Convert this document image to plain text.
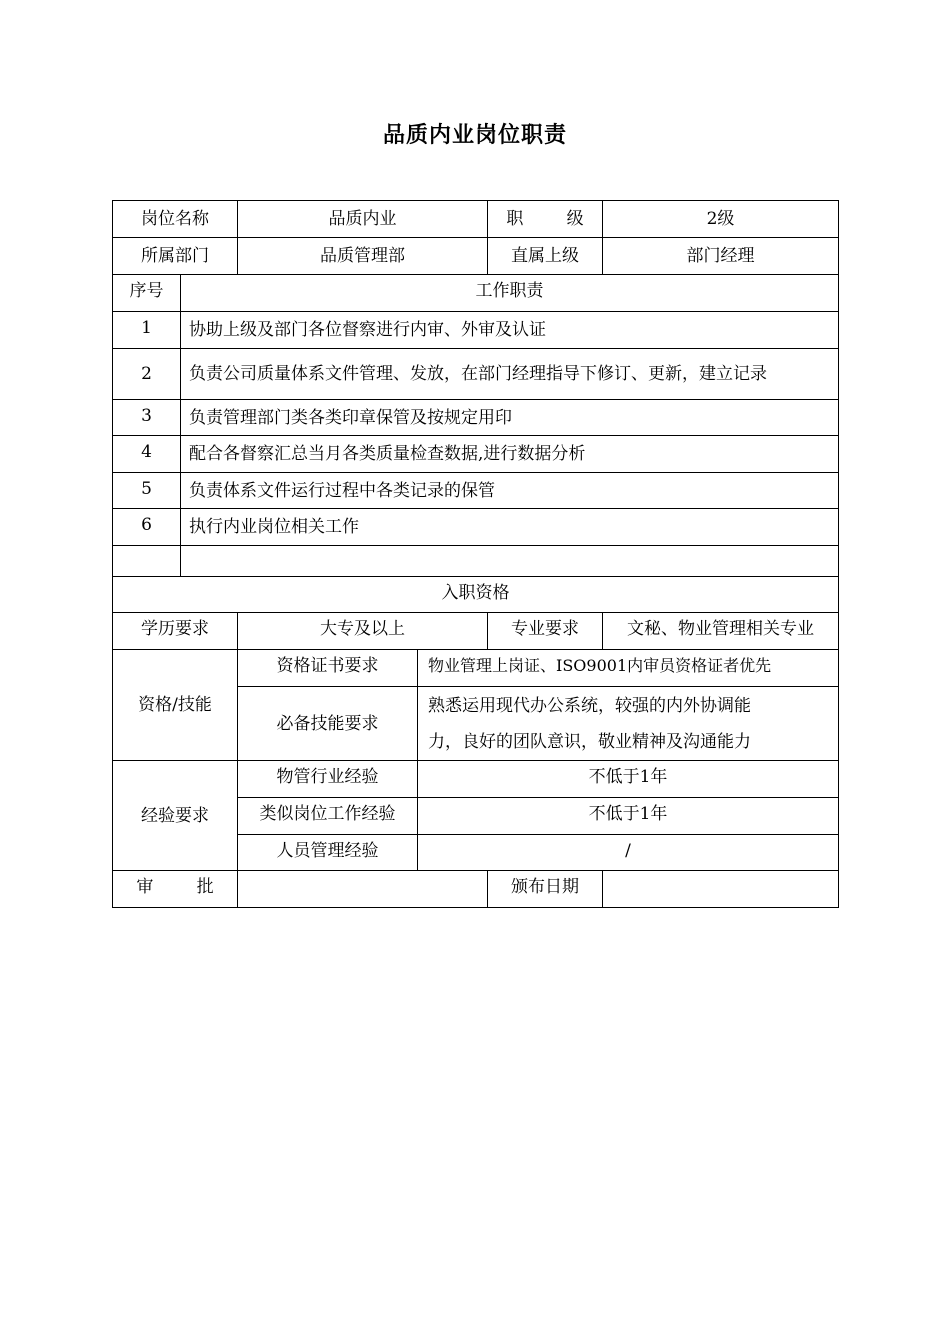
品质内业岗位职责
岗位名称		品质内业		职        级	2级
所属部门		品质管理部		直属上级	部门经理
序号	工作职责				
1	协助上级及部门各位督察进行内审、外审及认证				
2	负责公司质量体系文件管理、发放，在部门经理指导下修订、更新，建立记录				
3	负责管理部门类各类印章保管及按规定用印				
4	配合各督察汇总当月各类质量检查数据,进行数据分析				
5	负责体系文件运行过程中各类记录的保管				
6	执行内业岗位相关工作				

入职资格					
学历要求		大专及以上		专业要求	文秘、物业管理相关专业
资格/技能		资格证书要求	物业管理上岗证、ISO9001内审员资格证者优先		
		必备技能要求	熟悉运用现代办公系统，较强的内外协调能
力，良好的团队意识，敬业精神及沟通能力		

经验要求		物管行业经验	不低于1年		
		类似岗位工作经验	不低于1年		
		人员管理经验	/		
审        批				颁布日期	
